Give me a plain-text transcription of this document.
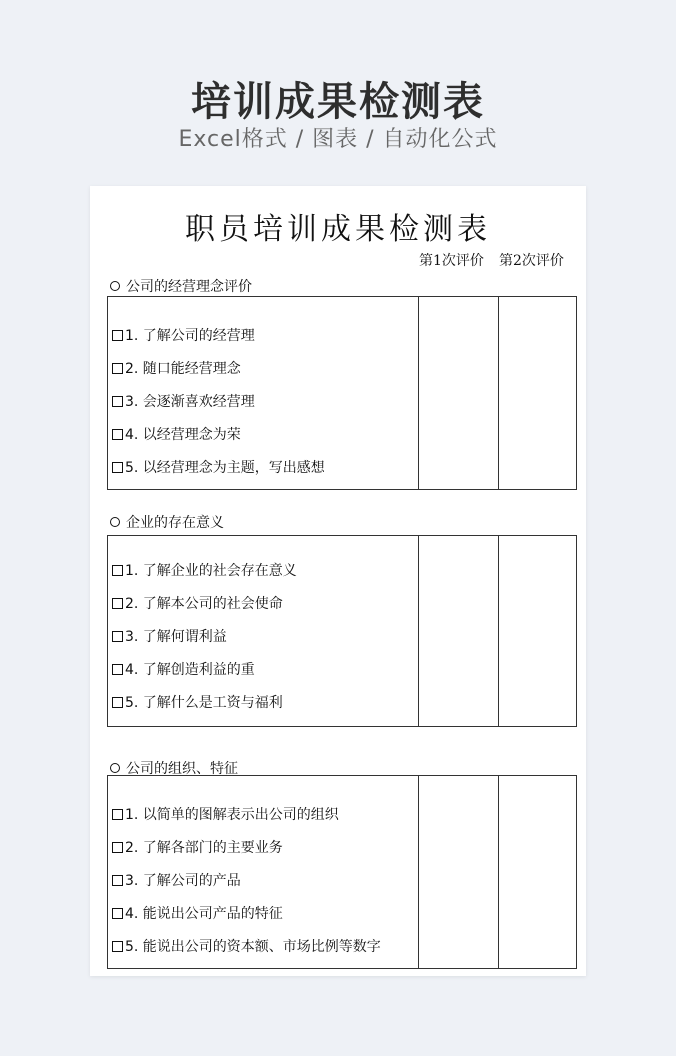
培训成果检测表
Excel格式 / 图表 / 自动化公式
职员培训成果检测表
第1次评价 第2次评价
公司的经营理念评价
1. 了解公司的经营理
2. 随口能经营理念
3. 会逐渐喜欢经营理
4. 以经营理念为荣
5. 以经营理念为主题，写出感想
企业的存在意义
1. 了解企业的社会存在意义
2. 了解本公司的社会使命
3. 了解何谓利益
4. 了解创造利益的重
5. 了解什么是工资与福利
公司的组织、特征
1. 以简单的图解表示出公司的组织
2. 了解各部门的主要业务
3. 了解公司的产品
4. 能说出公司产品的特征
5. 能说出公司的资本额、市场比例等数字
